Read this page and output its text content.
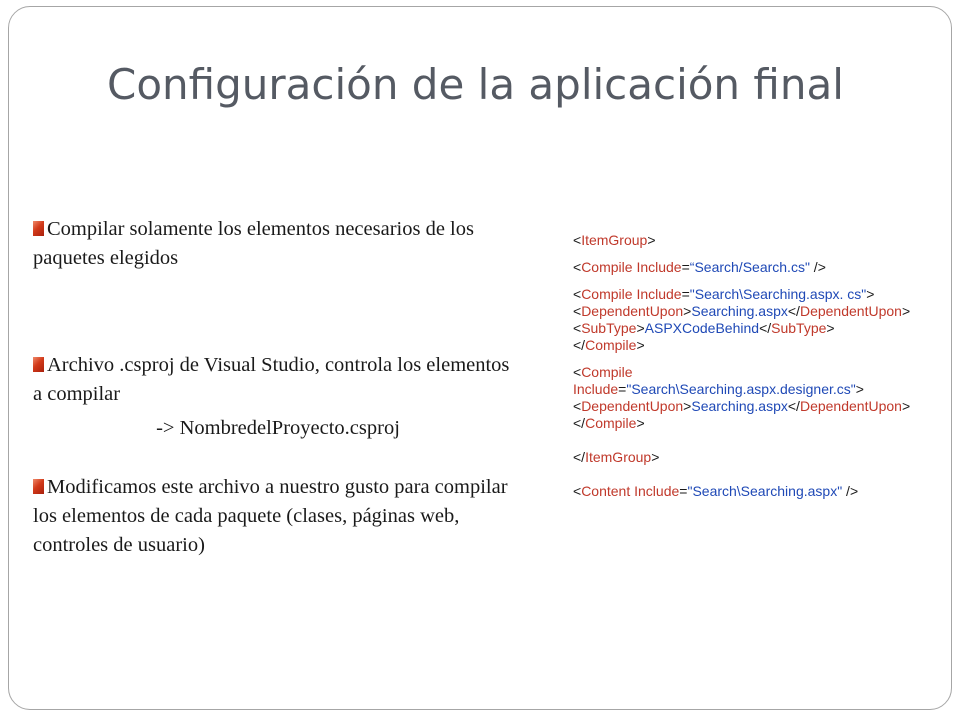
Configuración de la aplicación final
Compilar solamente los elementos necesarios de los paquetes elegidos
Archivo .csproj de Visual Studio, controla los elementos a compilar
-> NombredelProyecto.csproj
Modificamos este archivo a nuestro gusto para compilar los elementos de cada paquete (clases, páginas web, controles de usuario)

<ItemGroup>

<Compile Include=“Search/Search.cs" />

<Compile Include="Search\Searching.aspx. cs">

<DependentUpon>Searching.aspx</DependentUpon>

<SubType>ASPXCodeBehind</SubType>

</Compile>

<Compile

Include="Search\Searching.aspx.designer.cs">

<DependentUpon>Searching.aspx</DependentUpon>

</Compile>

</ItemGroup>

<Content Include="Search\Searching.aspx" />
